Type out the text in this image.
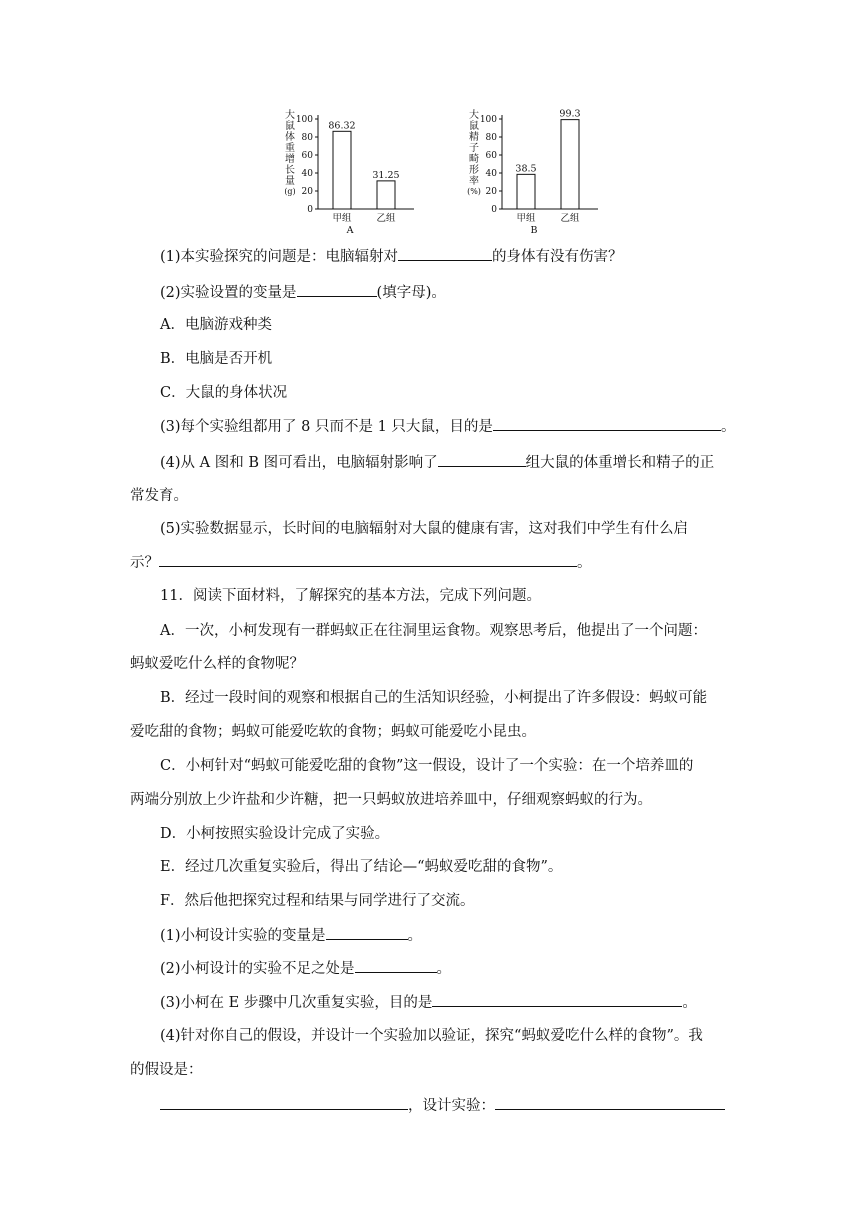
大
鼠
体
重
增
长
量
(g)
0
20
40
60
80
100
86.32
甲组
31.25
乙组
A
大
鼠
精
子
畸
形
率
(%)
0
20
40
60
80
100
38.5
甲组
99.3
乙组
B
(1)本实验探究的问题是：电脑辐射对	的身体有没有伤害？
(2)实验设置的变量是	(填字母)。
A．电脑游戏种类
B．电脑是否开机
C．大鼠的身体状况
(3)每个实验组都用了 8 只而不是 1 只大鼠，目的是	。
(4)从 A 图和 B 图可看出，电脑辐射影响了	组大鼠的体重增长和精子的正
常发育。
(5)实验数据显示，长时间的电脑辐射对大鼠的健康有害，这对我们中学生有什么启
示？	。
11．阅读下面材料，了解探究的基本方法，完成下列问题。
A．一次，小柯发现有一群蚂蚁正在往洞里运食物。观察思考后，他提出了一个问题：
蚂蚁爱吃什么样的食物呢？
B．经过一段时间的观察和根据自己的生活知识经验，小柯提出了许多假设：蚂蚁可能
爱吃甜的食物；蚂蚁可能爱吃软的食物；蚂蚁可能爱吃小昆虫。
C．小柯针对“蚂蚁可能爱吃甜的食物”这一假设，设计了一个实验：在一个培养皿的
两端分别放上少许盐和少许糖，把一只蚂蚁放进培养皿中，仔细观察蚂蚁的行为。
D．小柯按照实验设计完成了实验。
E．经过几次重复实验后，得出了结论—“蚂蚁爱吃甜的食物”。
F．然后他把探究过程和结果与同学进行了交流。
(1)小柯设计实验的变量是	。
(2)小柯设计的实验不足之处是	。
(3)小柯在 E 步骤中几次重复实验，目的是	。
(4)针对你自己的假设，并设计一个实验加以验证，探究“蚂蚁爱吃什么样的食物”。我
的假设是：
，设计实验：
